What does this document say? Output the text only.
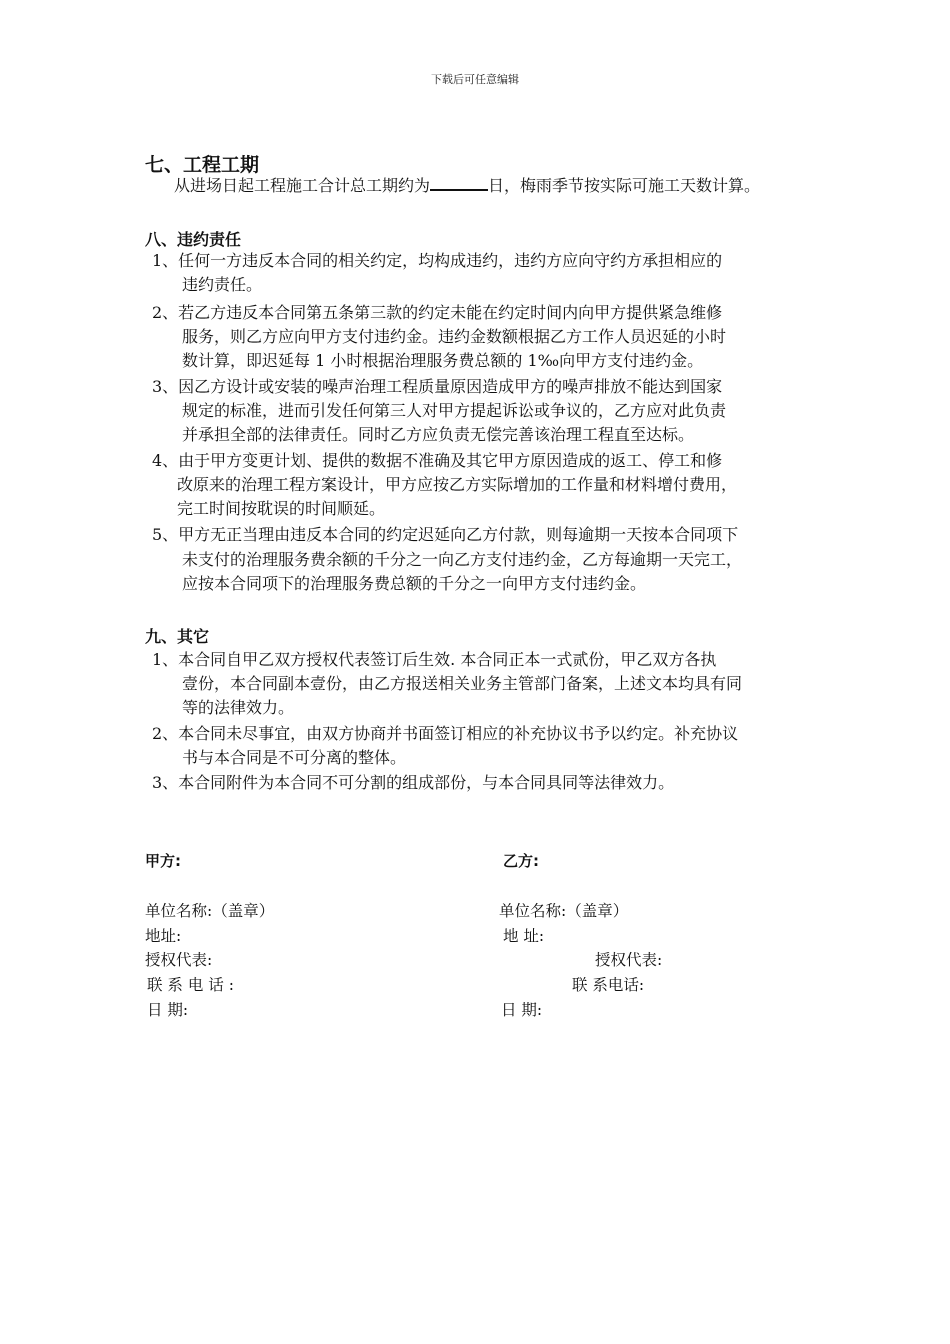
下载后可任意编辑
七、工程工期
从进场日起工程施工合计总工期约为	日，梅雨季节按实际可施工天数计算。
八、违约责任
1、任何一方违反本合同的相关约定，均构成违约，违约方应向守约方承担相应的
违约责任。
2、若乙方违反本合同第五条第三款的约定未能在约定时间内向甲方提供紧急维修
服务，则乙方应向甲方支付违约金。违约金数额根据乙方工作人员迟延的小时
数计算，即迟延每 1 小时根据治理服务费总额的 1‰向甲方支付违约金。
3、因乙方设计或安装的噪声治理工程质量原因造成甲方的噪声排放不能达到国家
规定的标准，进而引发任何第三人对甲方提起诉讼或争议的，乙方应对此负责
并承担全部的法律责任。同时乙方应负责无偿完善该治理工程直至达标。
4、由于甲方变更计划、提供的数据不准确及其它甲方原因造成的返工、停工和修
改原来的治理工程方案设计，甲方应按乙方实际增加的工作量和材料增付费用，
完工时间按耽误的时间顺延。
5、甲方无正当理由违反本合同的约定迟延向乙方付款，则每逾期一天按本合同项下
未支付的治理服务费余额的千分之一向乙方支付违约金，乙方每逾期一天完工，
应按本合同项下的治理服务费总额的千分之一向甲方支付违约金。
九、其它
1、本合同自甲乙双方授权代表签订后生效. 本合同正本一式贰份，甲乙双方各执
壹份，本合同副本壹份，由乙方报送相关业务主管部门备案，上述文本均具有同
等的法律效力。
2、本合同未尽事宜，由双方协商并书面签订相应的补充协议书予以约定。补充协议
书与本合同是不可分离的整体。
3、本合同附件为本合同不可分割的组成部份，与本合同具同等法律效力。
甲方:	乙方:
单位名称:（盖章）	单位名称:（盖章）
地址:	地 址:
授权代表:	授权代表:
联 系 电 话 :	联 系电话:
日 期:	日 期:
